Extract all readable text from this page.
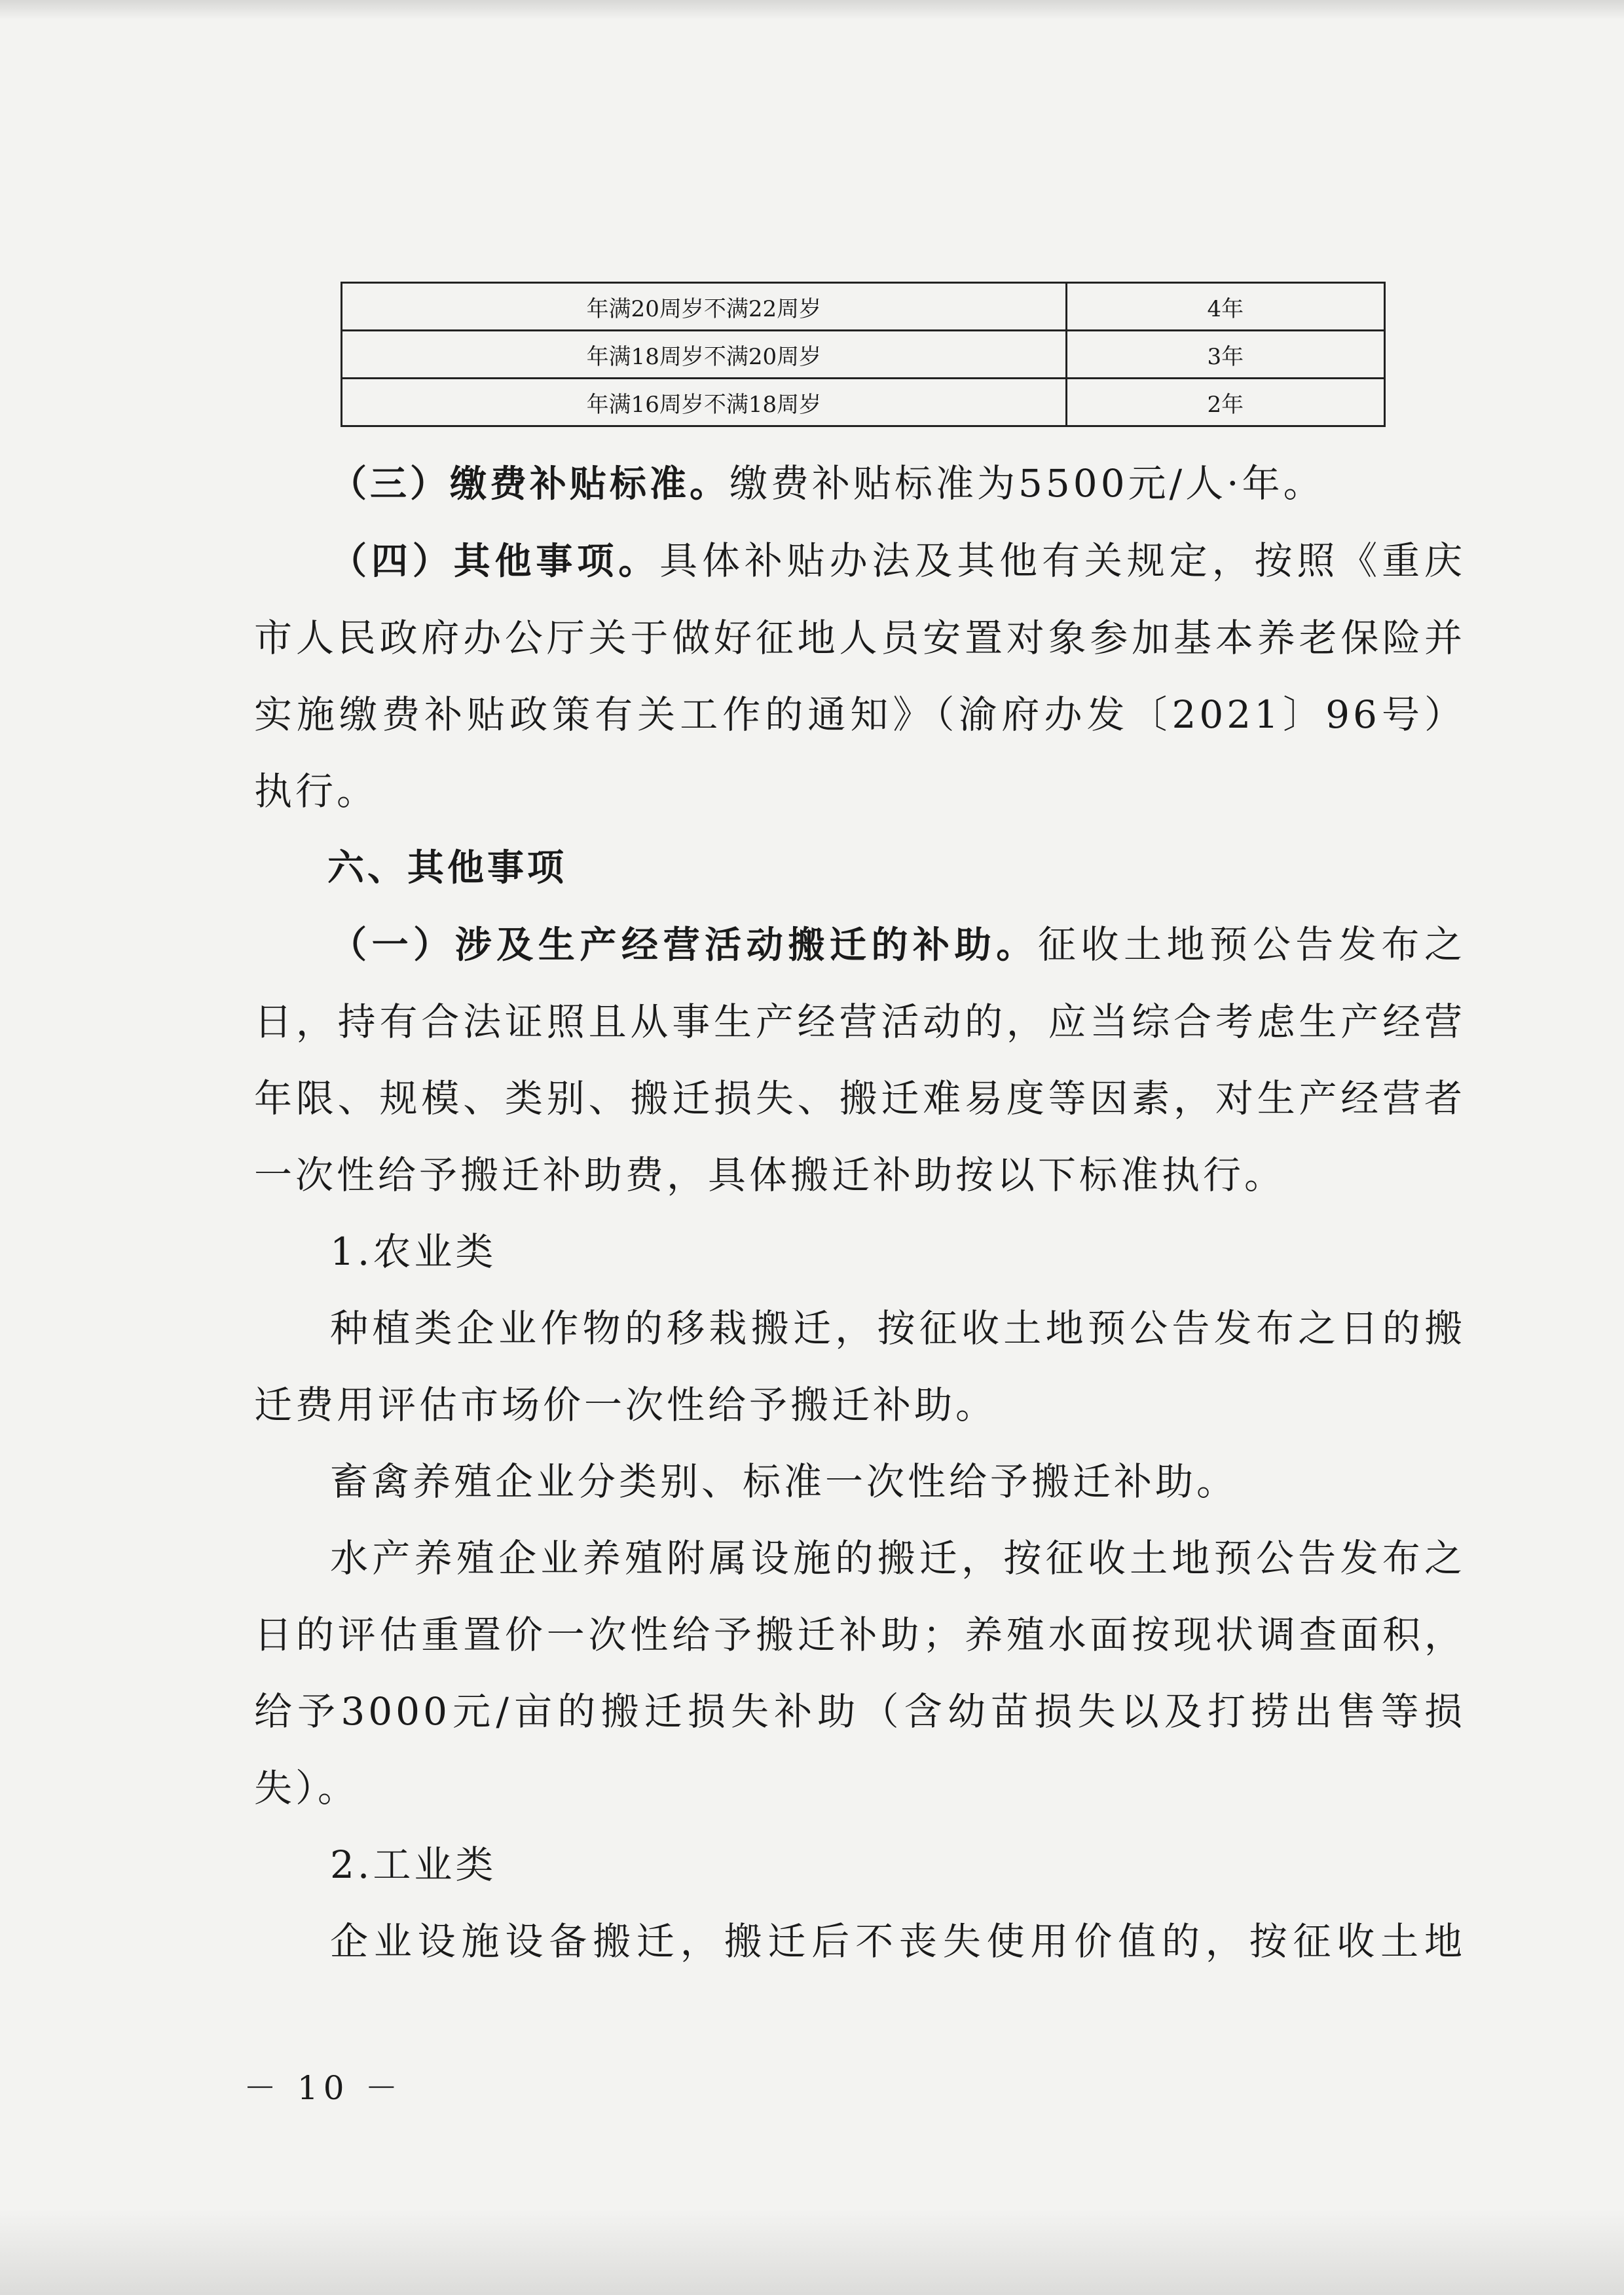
年满20周岁不满22周岁	4年
年满18周岁不满20周岁	3年
年满16周岁不满18周岁	2年

（三）缴费补贴标准。缴费补贴标准为5500元/人·年。

（四）其他事项。具体补贴办法及其他有关规定，按照《重庆市人民政府办公厅关于做好征地人员安置对象参加基本养老保险并实施缴费补贴政策有关工作的通知》（渝府办发〔2021〕96号）执行。

六、其他事项

（一）涉及生产经营活动搬迁的补助。征收土地预公告发布之日，持有合法证照且从事生产经营活动的，应当综合考虑生产经营年限、规模、类别、搬迁损失、搬迁难易度等因素，对生产经营者一次性给予搬迁补助费，具体搬迁补助按以下标准执行。

1.农业类

种植类企业作物的移栽搬迁，按征收土地预公告发布之日的搬迁费用评估市场价一次性给予搬迁补助。

畜禽养殖企业分类别、标准一次性给予搬迁补助。

水产养殖企业养殖附属设施的搬迁，按征收土地预公告发布之日的评估重置价一次性给予搬迁补助；养殖水面按现状调查面积，给予3000元/亩的搬迁损失补助（含幼苗损失以及打捞出售等损失）。

2.工业类

企业设施设备搬迁，搬迁后不丧失使用价值的，按征收土地

－ 10 －
